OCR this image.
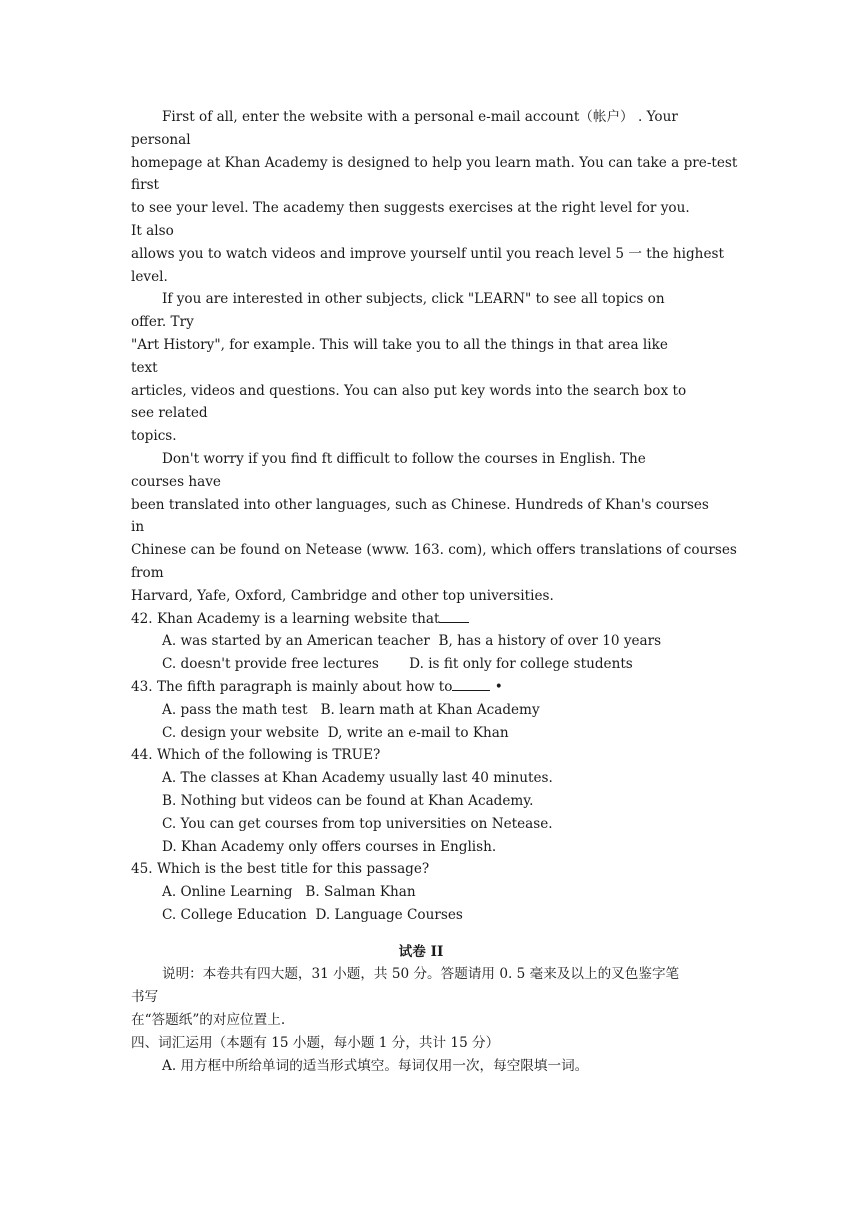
First of all, enter the website with a personal e-mail account（帐户） . Your
personal
homepage at Khan Academy is designed to help you learn math. You can take a pre-test
first
to see your level. The academy then suggests exercises at the right level for you.
It also
allows you to watch videos and improve yourself until you reach level 5 一 the highest
level.
If you are interested in other subjects, click "LEARN" to see all topics on
offer. Try
"Art History", for example. This will take you to all the things in that area like
text
articles, videos and questions. You can also put key words into the search box to
see related
topics.
Don't worry if you find ft difficult to follow the courses in English. The
courses have
been translated into other languages, such as Chinese. Hundreds of Khan's courses
in
Chinese can be found on Netease (www. 163. com), which offers translations of courses
from
Harvard, Yafe, Oxford, Cambridge and other top universities.
42. Khan Academy is a learning website that
A. was started by an American teacher  B, has a history of over 10 years
C. doesn't provide free lectures       D. is fit only for college students
43. The fifth paragraph is mainly about how to	•
A. pass the math test   B. learn math at Khan Academy
C. design your website  D, write an e-mail to Khan
44. Which of the following is TRUE?
A. The classes at Khan Academy usually last 40 minutes.
B. Nothing but videos can be found at Khan Academy.
C. You can get courses from top universities on Netease.
D. Khan Academy only offers courses in English.
45. Which is the best title for this passage?
A. Online Learning   B. Salman Khan
C. College Education  D. Language Courses
试卷 II
说明：本卷共有四大题，31 小题，共 50 分。答题请用 0. 5 毫来及以上的叉色鉴字笔
书写
在“答题纸”的对应位置上.
四、词汇运用（本题有 15 小题，每小题 1 分，共计 15 分）
A. 用方框中所给单词的适当形式填空。每词仅用一次，每空限填一词。
